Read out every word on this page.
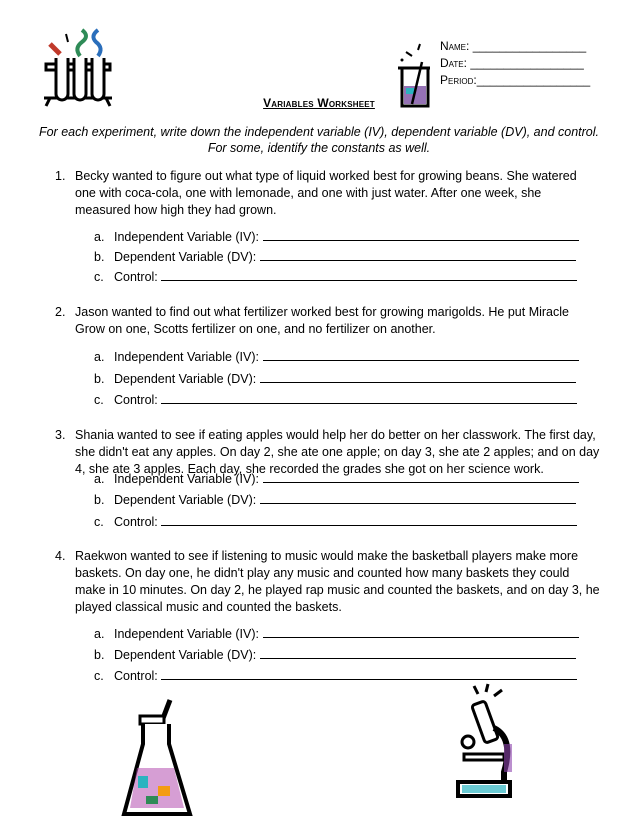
Name: _________________
Date: _________________
Period:_________________
Variables Worksheet
For each experiment, write down the independent variable (IV), dependent variable (DV), and control. For some, identify the constants as well.
1. Becky wanted to figure out what type of liquid worked best for growing beans. She watered one with coca-cola, one with lemonade, and one with just water. After one week, she measured how high they had grown.
a. Independent Variable (IV):
b. Dependent Variable (DV):
c. Control:
2. Jason wanted to find out what fertilizer worked best for growing marigolds. He put Miracle Grow on one, Scotts fertilizer on one, and no fertilizer on another.
a. Independent Variable (IV):
b. Dependent Variable (DV):
c. Control:
3. Shania wanted to see if eating apples would help her do better on her classwork. The first day, she didn't eat any apples. On day 2, she ate one apple; on day 3, she ate 2 apples; and on day 4, she ate 3 apples. Each day, she recorded the grades she got on her science work.
a. Independent Variable (IV):
b. Dependent Variable (DV):
c. Control:
4. Raekwon wanted to see if listening to music would make the basketball players make more baskets. On day one, he didn't play any music and counted how many baskets they could make in 10 minutes. On day 2, he played rap music and counted the baskets, and on day 3, he played classical music and counted the baskets.
a. Independent Variable (IV):
b. Dependent Variable (DV):
c. Control:
